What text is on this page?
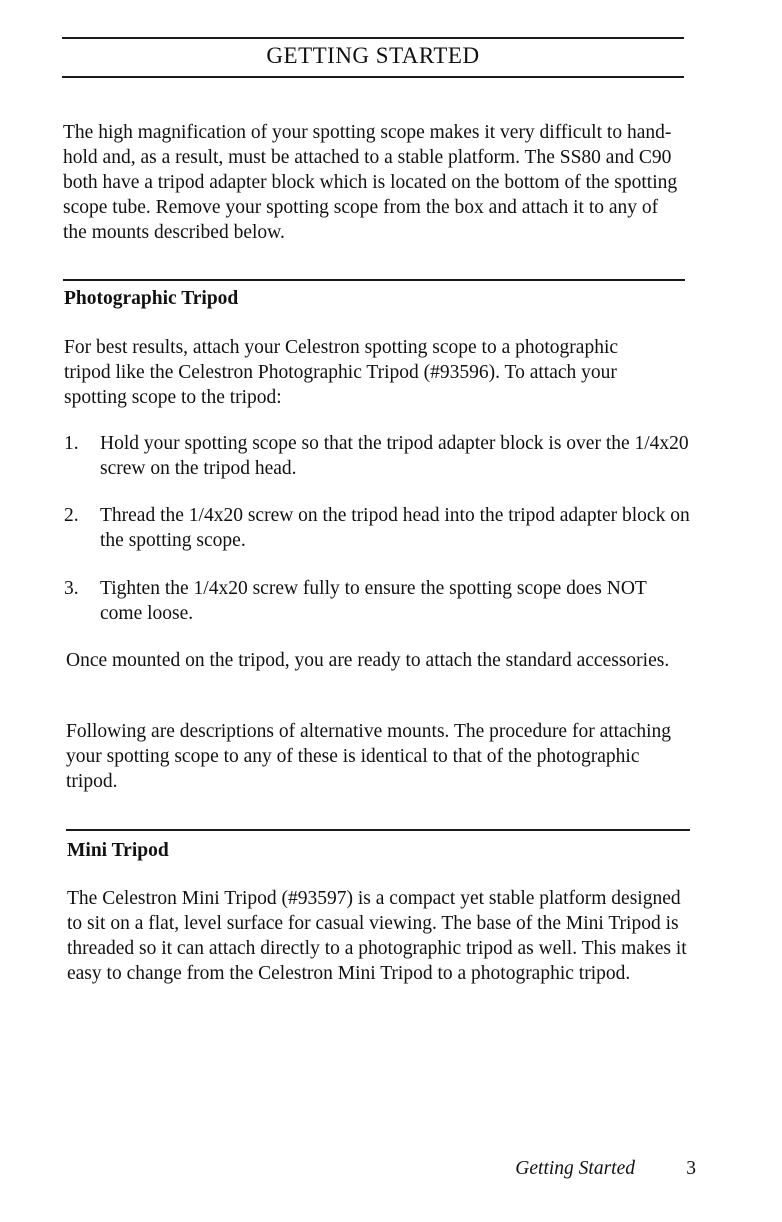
GETTING STARTED

The high magnification of your spotting scope makes it very difficult to hand-hold and, as a result, must be attached to a stable platform. The SS80 and C90 both have a tripod adapter block which is located on the bottom of the spotting scope tube. Remove your spotting scope from the box and attach it to any of the mounts described below.

Photographic Tripod

For best results, attach your Celestron spotting scope to a photographic tripod like the Celestron Photographic Tripod (#93596). To attach your spotting scope to the tripod:

1.	Hold your spotting scope so that the tripod adapter block is over the 1/4x20 screw on the tripod head.
2.	Thread the 1/4x20 screw on the tripod head into the tripod adapter block on the spotting scope.
3.	Tighten the 1/4x20 screw fully to ensure the spotting scope does NOT come loose.

Once mounted on the tripod, you are ready to attach the standard accessories.

Following are descriptions of alternative mounts. The procedure for attaching your spotting scope to any of these is identical to that of the photographic tripod.

Mini Tripod

The Celestron Mini Tripod (#93597) is a compact yet stable platform designed to sit on a flat, level surface for casual viewing. The base of the Mini Tripod is threaded so it can attach directly to a photographic tripod as well. This makes it easy to change from the Celestron Mini Tripod to a photographic tripod.

Getting Started	3
